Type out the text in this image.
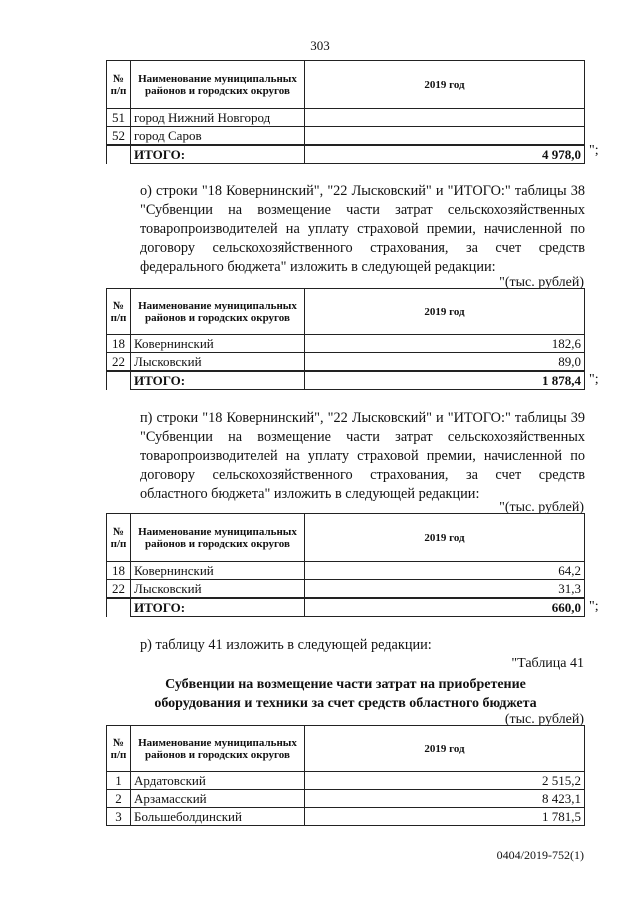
303
№
п/п	Наименование муниципальных районов и городских округов	2019 год
51	город Нижний Новгород	
52	город Саров	
	ИТОГО:	4 978,0 ";
о) строки "18 Ковернинский", "22 Лысковский" и "ИТОГО:" таблицы 38 "Субвенции на возмещение части затрат сельскохозяйственных товаропроизводителей на уплату страховой премии, начисленной по договору сельскохозяйственного страхования, за счет средств федерального бюджета" изложить в следующей редакции:
"(тыс. рублей)
№
п/п	Наименование муниципальных районов и городских округов	2019 год
18	Ковернинский	182,6
22	Лысковский	89,0
	ИТОГО:	1 878,4 ";
п) строки "18 Ковернинский", "22 Лысковский" и "ИТОГО:" таблицы 39 "Субвенции на возмещение части затрат сельскохозяйственных товаропроизводителей на уплату страховой премии, начисленной по договору сельскохозяйственного страхования, за счет средств областного бюджета" изложить в следующей редакции:
"(тыс. рублей)
№
п/п	Наименование муниципальных районов и городских округов	2019 год
18	Ковернинский	64,2
22	Лысковский	31,3
	ИТОГО:	660,0 ";
р) таблицу 41 изложить в следующей редакции:
"Таблица 41
Субвенции на возмещение части затрат на приобретение
оборудования и техники за счет средств областного бюджета
(тыс. рублей)
№
п/п	Наименование муниципальных районов и городских округов	2019 год
1	Ардатовский	2 515,2
2	Арзамасский	8 423,1
3	Большеболдинский	1 781,5
0404/2019-752(1)
